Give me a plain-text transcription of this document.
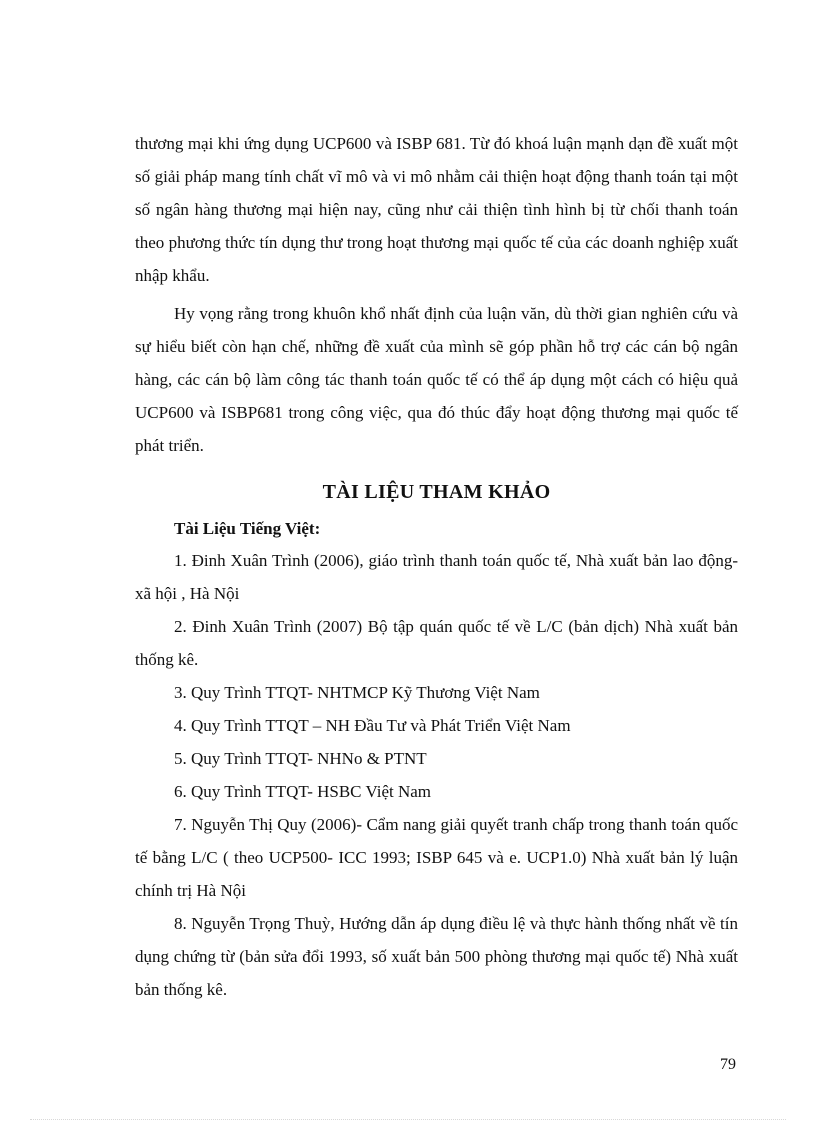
thương mại khi ứng dụng UCP600 và ISBP 681. Từ đó khoá luận mạnh dạn đề xuất một số giải pháp mang tính chất vĩ mô và vi mô nhằm cải thiện hoạt động thanh toán tại một số ngân hàng thương mại hiện nay, cũng như cải thiện tình hình bị từ chối thanh toán theo phương thức tín dụng thư trong hoạt thương mại quốc tế của các doanh nghiệp xuất nhập khẩu.

Hy vọng rằng trong khuôn khổ nhất định của luận văn, dù thời gian nghiên cứu và sự hiểu biết còn hạn chế, những đề xuất của mình sẽ góp phần hỗ trợ các cán bộ ngân hàng, các cán bộ làm công tác thanh toán quốc tế có thể áp dụng một cách có hiệu quả UCP600 và ISBP681 trong công việc, qua đó thúc đẩy hoạt động thương mại quốc tế phát triển.

TÀI LIỆU THAM KHẢO
Tài Liệu Tiếng Việt:

1. Đinh Xuân Trình (2006), giáo trình thanh toán quốc tế, Nhà xuất bản lao động- xã hội , Hà Nội

2. Đinh Xuân Trình (2007) Bộ tập quán quốc tế về L/C (bản dịch) Nhà xuất bản thống kê.

3. Quy Trình TTQT- NHTMCP Kỹ Thương Việt Nam

4. Quy Trình TTQT – NH Đầu Tư và Phát Triển Việt Nam

5. Quy Trình TTQT- NHNo & PTNT

6. Quy Trình TTQT- HSBC Việt Nam

7. Nguyễn Thị Quy (2006)- Cẩm nang giải quyết tranh chấp trong thanh toán quốc tế bằng L/C ( theo UCP500- ICC 1993; ISBP 645 và e. UCP1.0) Nhà xuất bản lý luận chính trị Hà Nội

8. Nguyễn Trọng Thuỳ, Hướng dẫn áp dụng điều lệ và thực hành thống nhất về tín dụng chứng từ (bản sửa đổi 1993, số xuất bản 500 phòng thương mại quốc tế) Nhà xuất bản thống kê.

79
